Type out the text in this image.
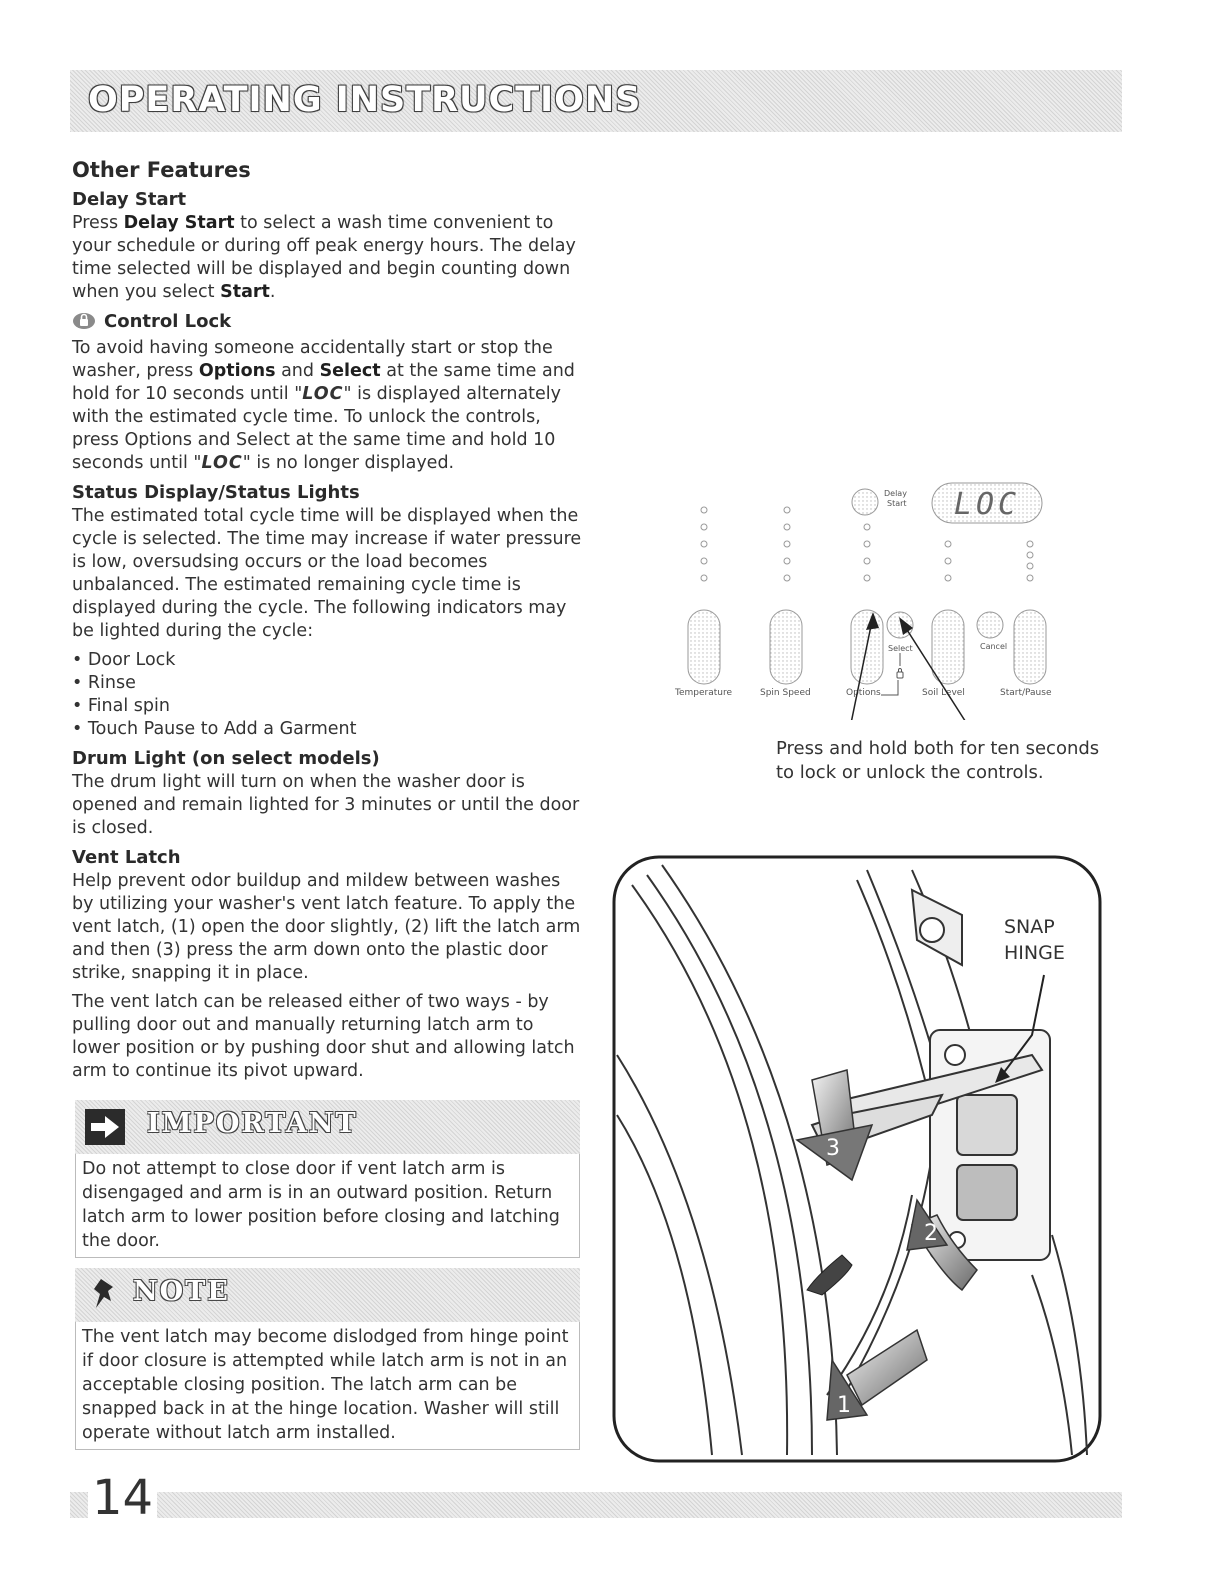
OPERATING INSTRUCTIONS
Other Features
Delay Start

Press Delay Start to select a wash time convenient to your schedule or during off peak energy hours. The delay time selected will be displayed and begin counting down when you select Start.

Control Lock

To avoid having someone accidentally start or stop the washer, press Options and Select at the same time and hold for 10 seconds until "LOC" is displayed alternately with the estimated cycle time. To unlock the controls, press Options and Select at the same time and hold 10 seconds until "LOC" is no longer displayed.

Status Display/Status Lights

The estimated total cycle time will be displayed when the cycle is selected. The time may increase if water pressure is low, oversudsing occurs or the load becomes unbalanced. The estimated remaining cycle time is displayed during the cycle. The following indicators may be lighted during the cycle:

• Door Lock
• Rinse
• Final spin
• Touch Pause to Add a Garment
Drum Light (on select models)

The drum light will turn on when the washer door is opened and remain lighted for 3 minutes or until the door is closed.

Vent Latch

Help prevent odor buildup and mildew between washes by utilizing your washer's vent latch feature. To apply the vent latch, (1) open the door slightly, (2) lift the latch arm and then (3) press the arm down onto the plastic door strike, snapping it in place.

The vent latch can be released either of two ways - by pulling door out and manually returning latch arm to lower position or by pushing door shut and allowing latch arm to continue its pivot upward.

IMPORTANT

Do not attempt to close door if vent latch arm is disengaged and arm is in an outward position. Return latch arm to lower position before closing and latching the door.

NOTE

The vent latch may become dislodged from hinge point if door closure is attempted while latch arm is not in an acceptable closing position. The latch arm can be snapped back in at the hinge location. Washer will still operate without latch arm installed.

Delay
Start LOC
Select	Cancel
Temperature	Spin Speed	Options	Soil Level	Start/Pause

Press and hold both for ten seconds to lock or unlock the controls.

3
2
1
SNAP
HINGE
14
